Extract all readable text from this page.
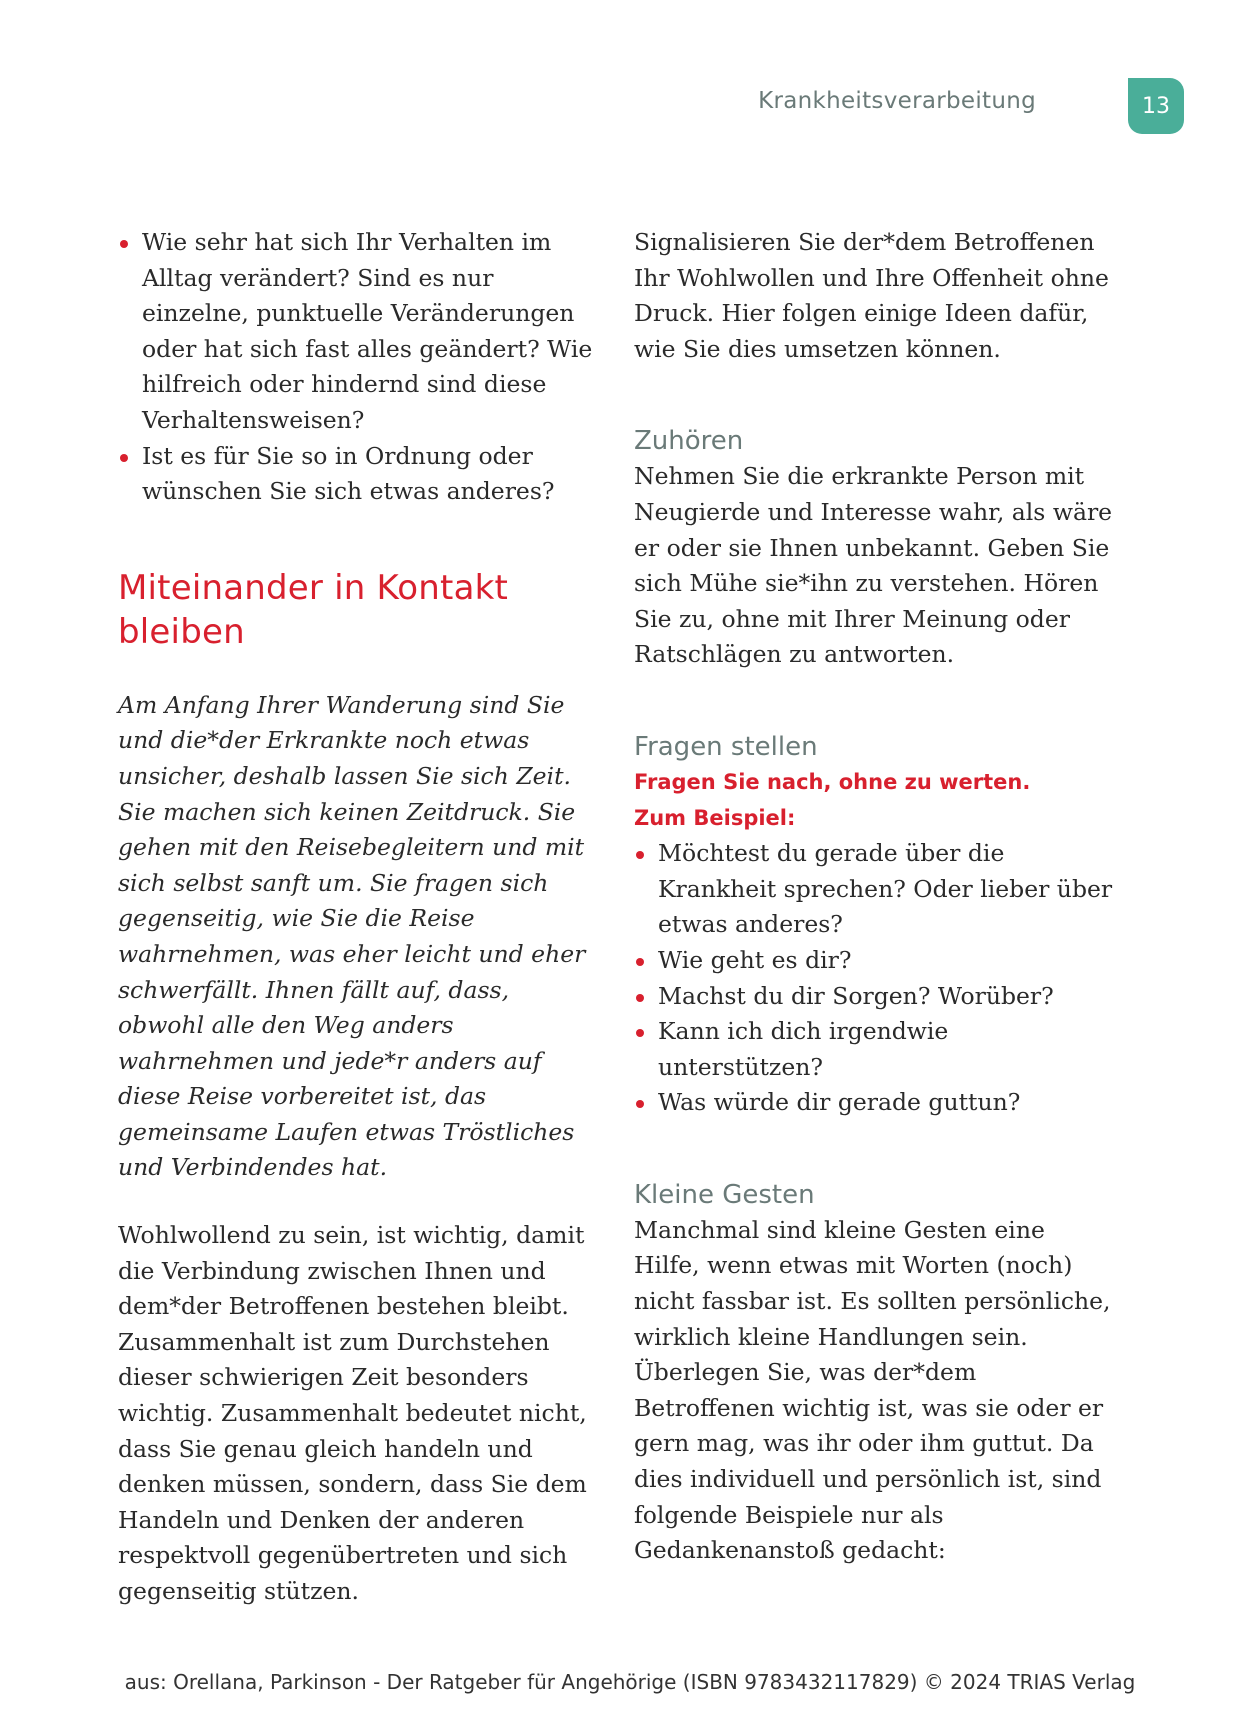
Krankheitsverarbeitung	13
Wie sehr hat sich Ihr Verhalten im Alltag verändert? Sind es nur einzelne, punktuelle Veränderungen oder hat sich fast alles geändert? Wie hilfreich oder hindernd sind diese Verhaltensweisen?
Ist es für Sie so in Ordnung oder wünschen Sie sich etwas anderes?
Miteinander in Kontakt bleiben

Am Anfang Ihrer Wanderung sind Sie und die*der Erkrankte noch etwas unsicher, deshalb lassen Sie sich Zeit. Sie machen sich keinen Zeitdruck. Sie gehen mit den Reisebegleitern und mit sich selbst sanft um. Sie fragen sich gegenseitig, wie Sie die Reise wahrnehmen, was eher leicht und eher schwerfällt. Ihnen fällt auf, dass, obwohl alle den Weg anders wahrnehmen und jede*r anders auf diese Reise vorbereitet ist, das gemeinsame Laufen etwas Tröstliches und Verbindendes hat.

Wohlwollend zu sein, ist wichtig, damit die Verbindung zwischen Ihnen und dem*der Betroffenen bestehen bleibt. Zusammenhalt ist zum Durchstehen dieser schwierigen Zeit besonders wichtig. Zusammenhalt bedeutet nicht, dass Sie genau gleich handeln und denken müssen, sondern, dass Sie dem Handeln und Denken der anderen respektvoll gegenübertreten und sich gegenseitig stützen.

Signalisieren Sie der*dem Betroffenen Ihr Wohlwollen und Ihre Offenheit ohne Druck. Hier folgen einige Ideen dafür, wie Sie dies umsetzen können.

Zuhören

Nehmen Sie die erkrankte Person mit Neugierde und Interesse wahr, als wäre er oder sie Ihnen unbekannt. Geben Sie sich Mühe sie*ihn zu verstehen. Hören Sie zu, ohne mit Ihrer Meinung oder Ratschlägen zu antworten.

Fragen stellen

Fragen Sie nach, ohne zu werten.

Zum Beispiel:

Möchtest du gerade über die Krankheit sprechen? Oder lieber über etwas anderes?
Wie geht es dir?
Machst du dir Sorgen? Worüber?
Kann ich dich irgendwie unterstützen?
Was würde dir gerade guttun?
Kleine Gesten

Manchmal sind kleine Gesten eine Hilfe, wenn etwas mit Worten (noch) nicht fassbar ist. Es sollten persönliche, wirklich kleine Handlungen sein. Überlegen Sie, was der*dem Betroffenen wichtig ist, was sie oder er gern mag, was ihr oder ihm guttut. Da dies individuell und persönlich ist, sind folgende Beispiele nur als Gedankenanstoß gedacht:

aus: Orellana, Parkinson - Der Ratgeber für Angehörige (ISBN 9783432117829) © 2024 TRIAS Verlag
